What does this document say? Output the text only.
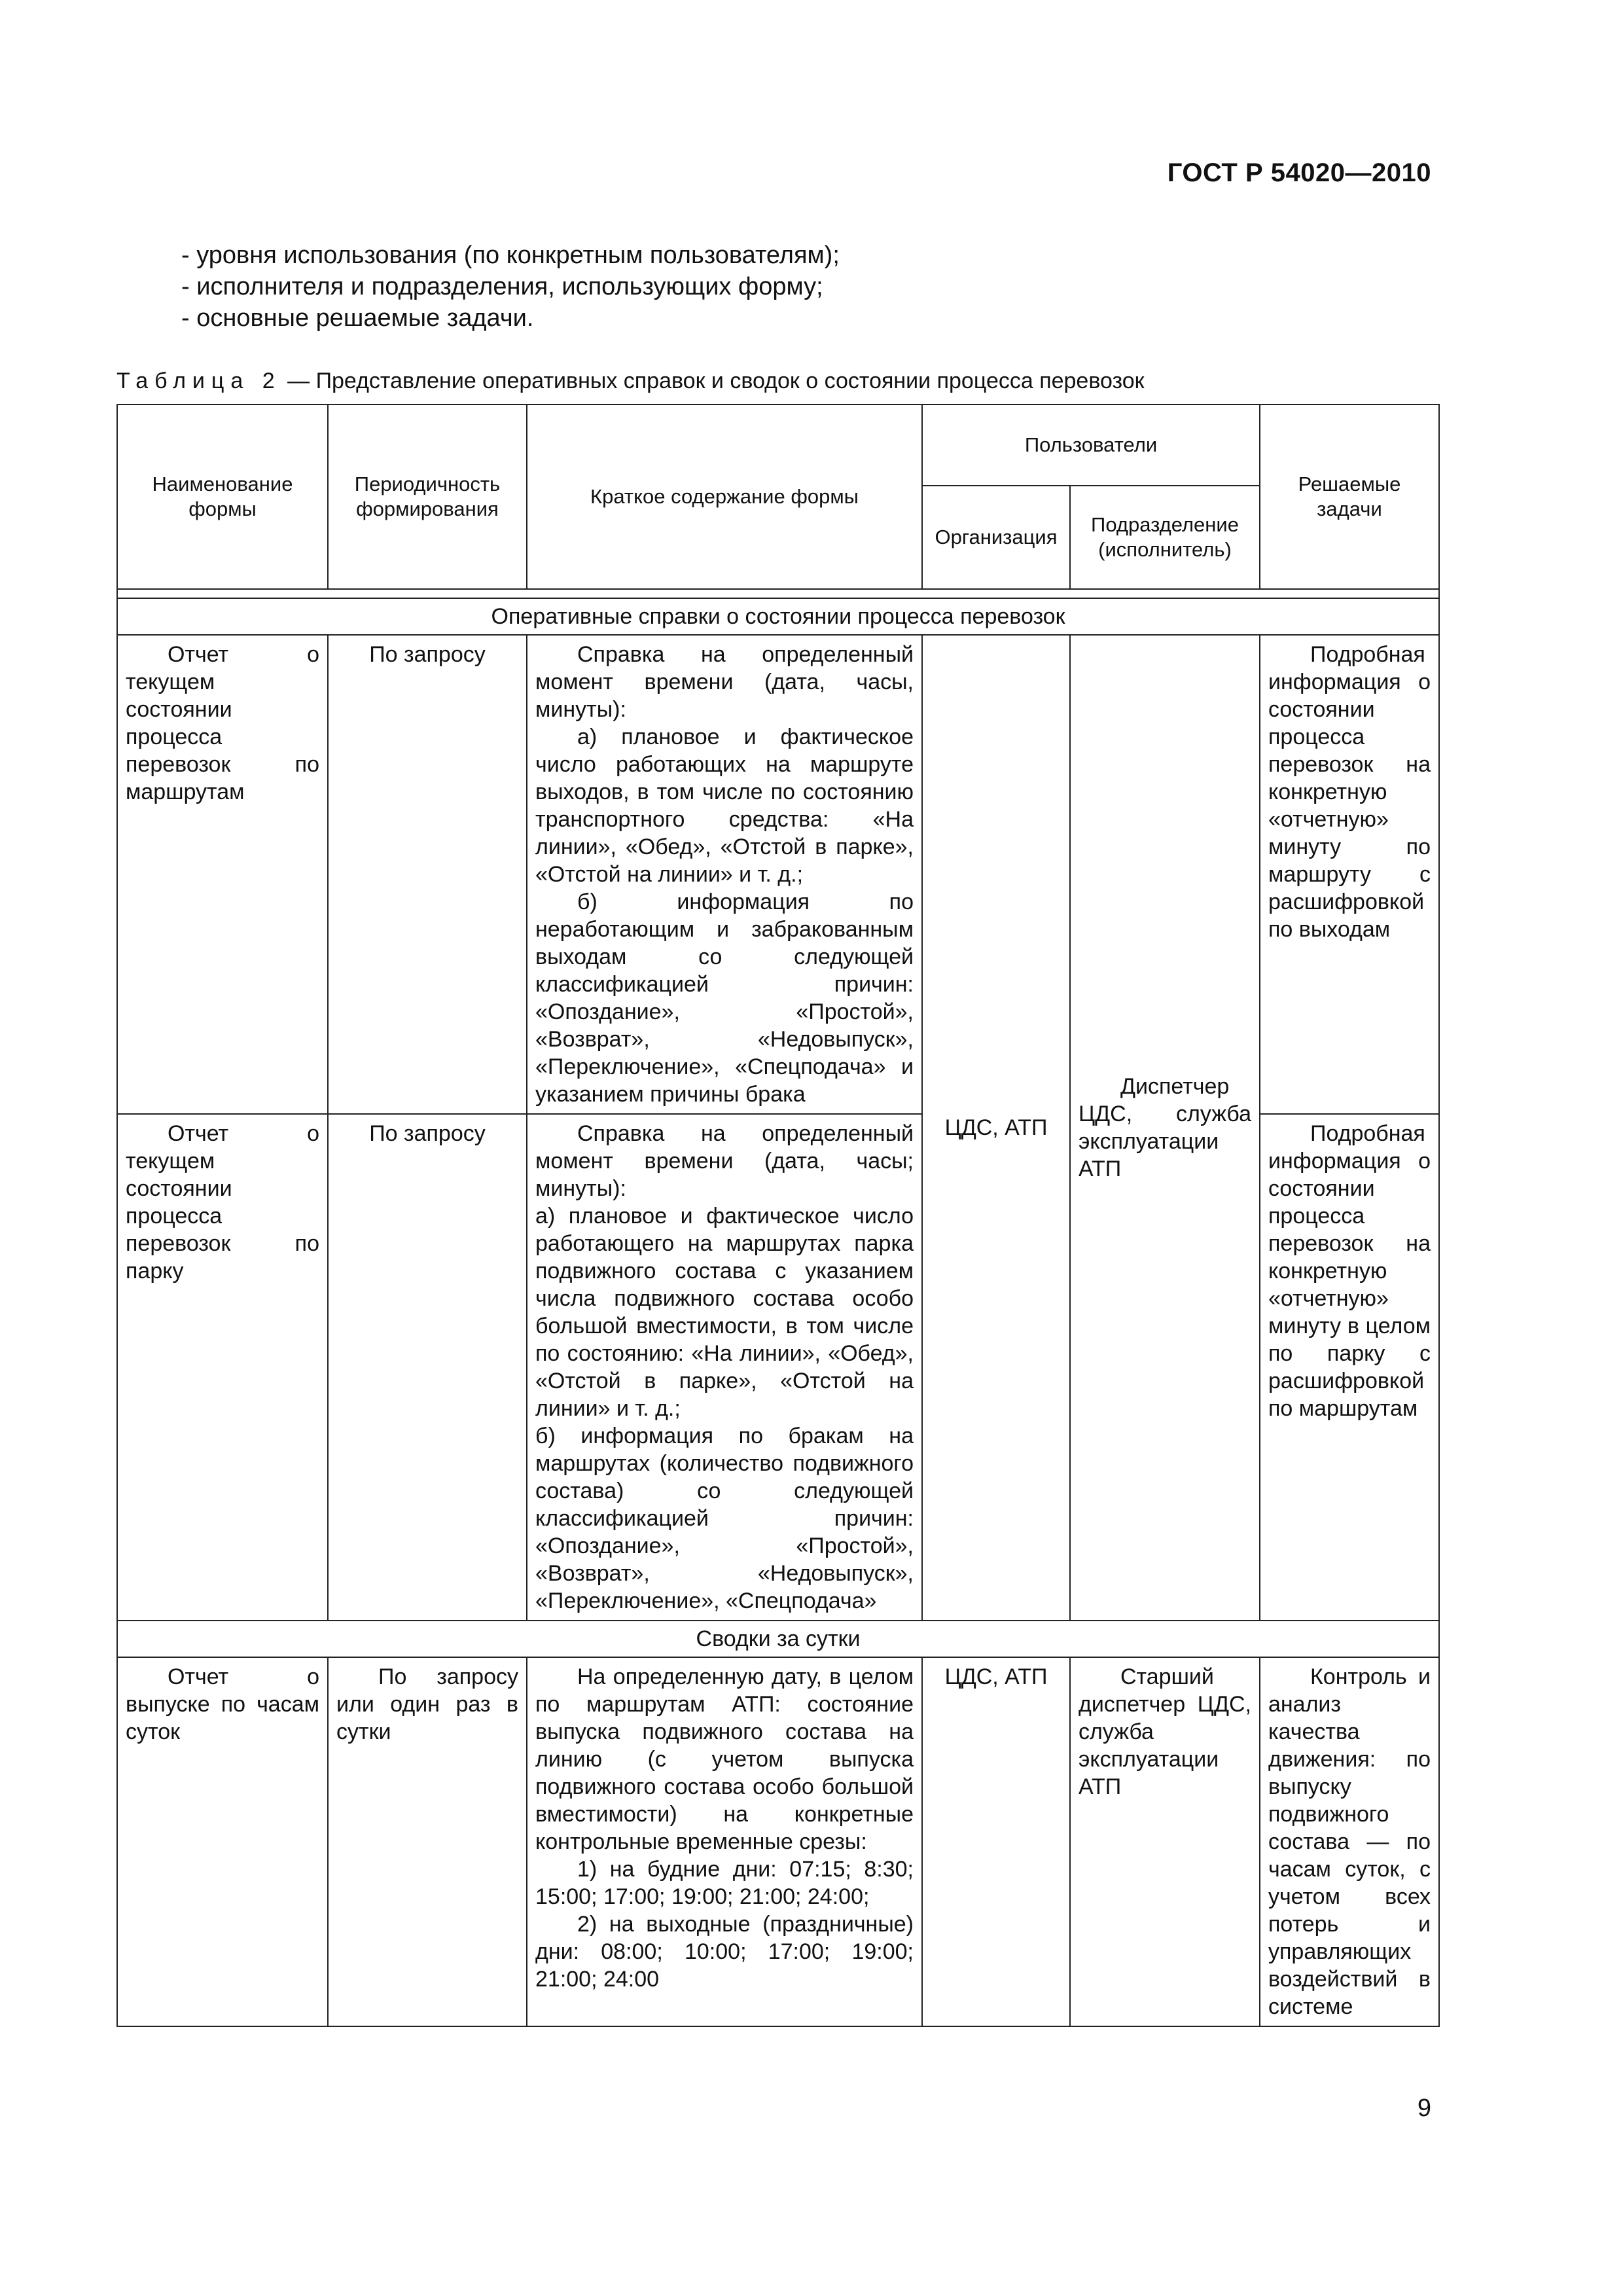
ГОСТ Р 54020—2010
- уровня использования (по конкретным пользователям);
- исполнителя и подразделения, использующих форму;
- основные решаемые задачи.
Таблица 2 — Представление оперативных справок и сводок о состоянии процесса перевозок
Наименование формы	Периодичность формирования	Краткое содержание формы	Пользователи		Решаемые задачи
			Организация	Подразделение (исполнитель)	

Оперативные справки о состоянии процесса перевозок					
Отчет о текущем состоянии процесса перевозок по маршрутам	По запросу	Справка на определенный момент времени (дата, часы, минуты):
а) плановое и фактическое число работающих на маршруте выходов, в том числе по состоянию транспортного средства: «На линии», «Обед», «Отстой в парке», «Отстой на линии» и т. д.;
б) информация по неработающим и забракованным выходам со следующей классификацией причин: «Опоздание», «Простой», «Возврат», «Недовыпуск», «Переключение», «Спецподача» и указанием причины брака	ЦДС, АТП	Диспетчер ЦДС, служба эксплуатации АТП	Подробная информация о состоянии процесса перевозок на конкретную «отчетную» минуту по маршруту с расшифровкой по выходам
Отчет о текущем состоянии процесса перевозок по парку	По запросу	Справка на определенный момент времени (дата, часы; минуты):
а) плановое и фактическое число работающего на маршрутах парка подвижного состава с указанием числа подвижного состава особо большой вместимости, в том числе по состоянию: «На линии», «Обед», «Отстой в парке», «Отстой на линии» и т. д.;
б) информация по бракам на маршрутах (количество подвижного состава) со следующей классификацией причин: «Опоздание», «Простой», «Возврат», «Недовыпуск», «Переключение», «Спецподача»			Подробная информация о состоянии процесса перевозок на конкретную «отчетную» минуту в целом по парку с расшифровкой по маршрутам
Сводки за сутки					
Отчет о выпуске по часам суток	По запросу или один раз в сутки	На определенную дату, в целом по маршрутам АТП: состояние выпуска подвижного состава на линию (с учетом выпуска подвижного состава особо большой вместимости) на конкретные контрольные временные срезы:
1) на будние дни: 07:15; 8:30; 15:00; 17:00; 19:00; 21:00; 24:00;
2) на выходные (праздничные) дни: 08:00; 10:00; 17:00; 19:00; 21:00; 24:00	ЦДС, АТП	Старший диспетчер ЦДС, служба эксплуатации АТП	Контроль и анализ качества движения: по выпуску подвижного состава — по часам суток, с учетом всех потерь и управляющих воздействий в системе
9
